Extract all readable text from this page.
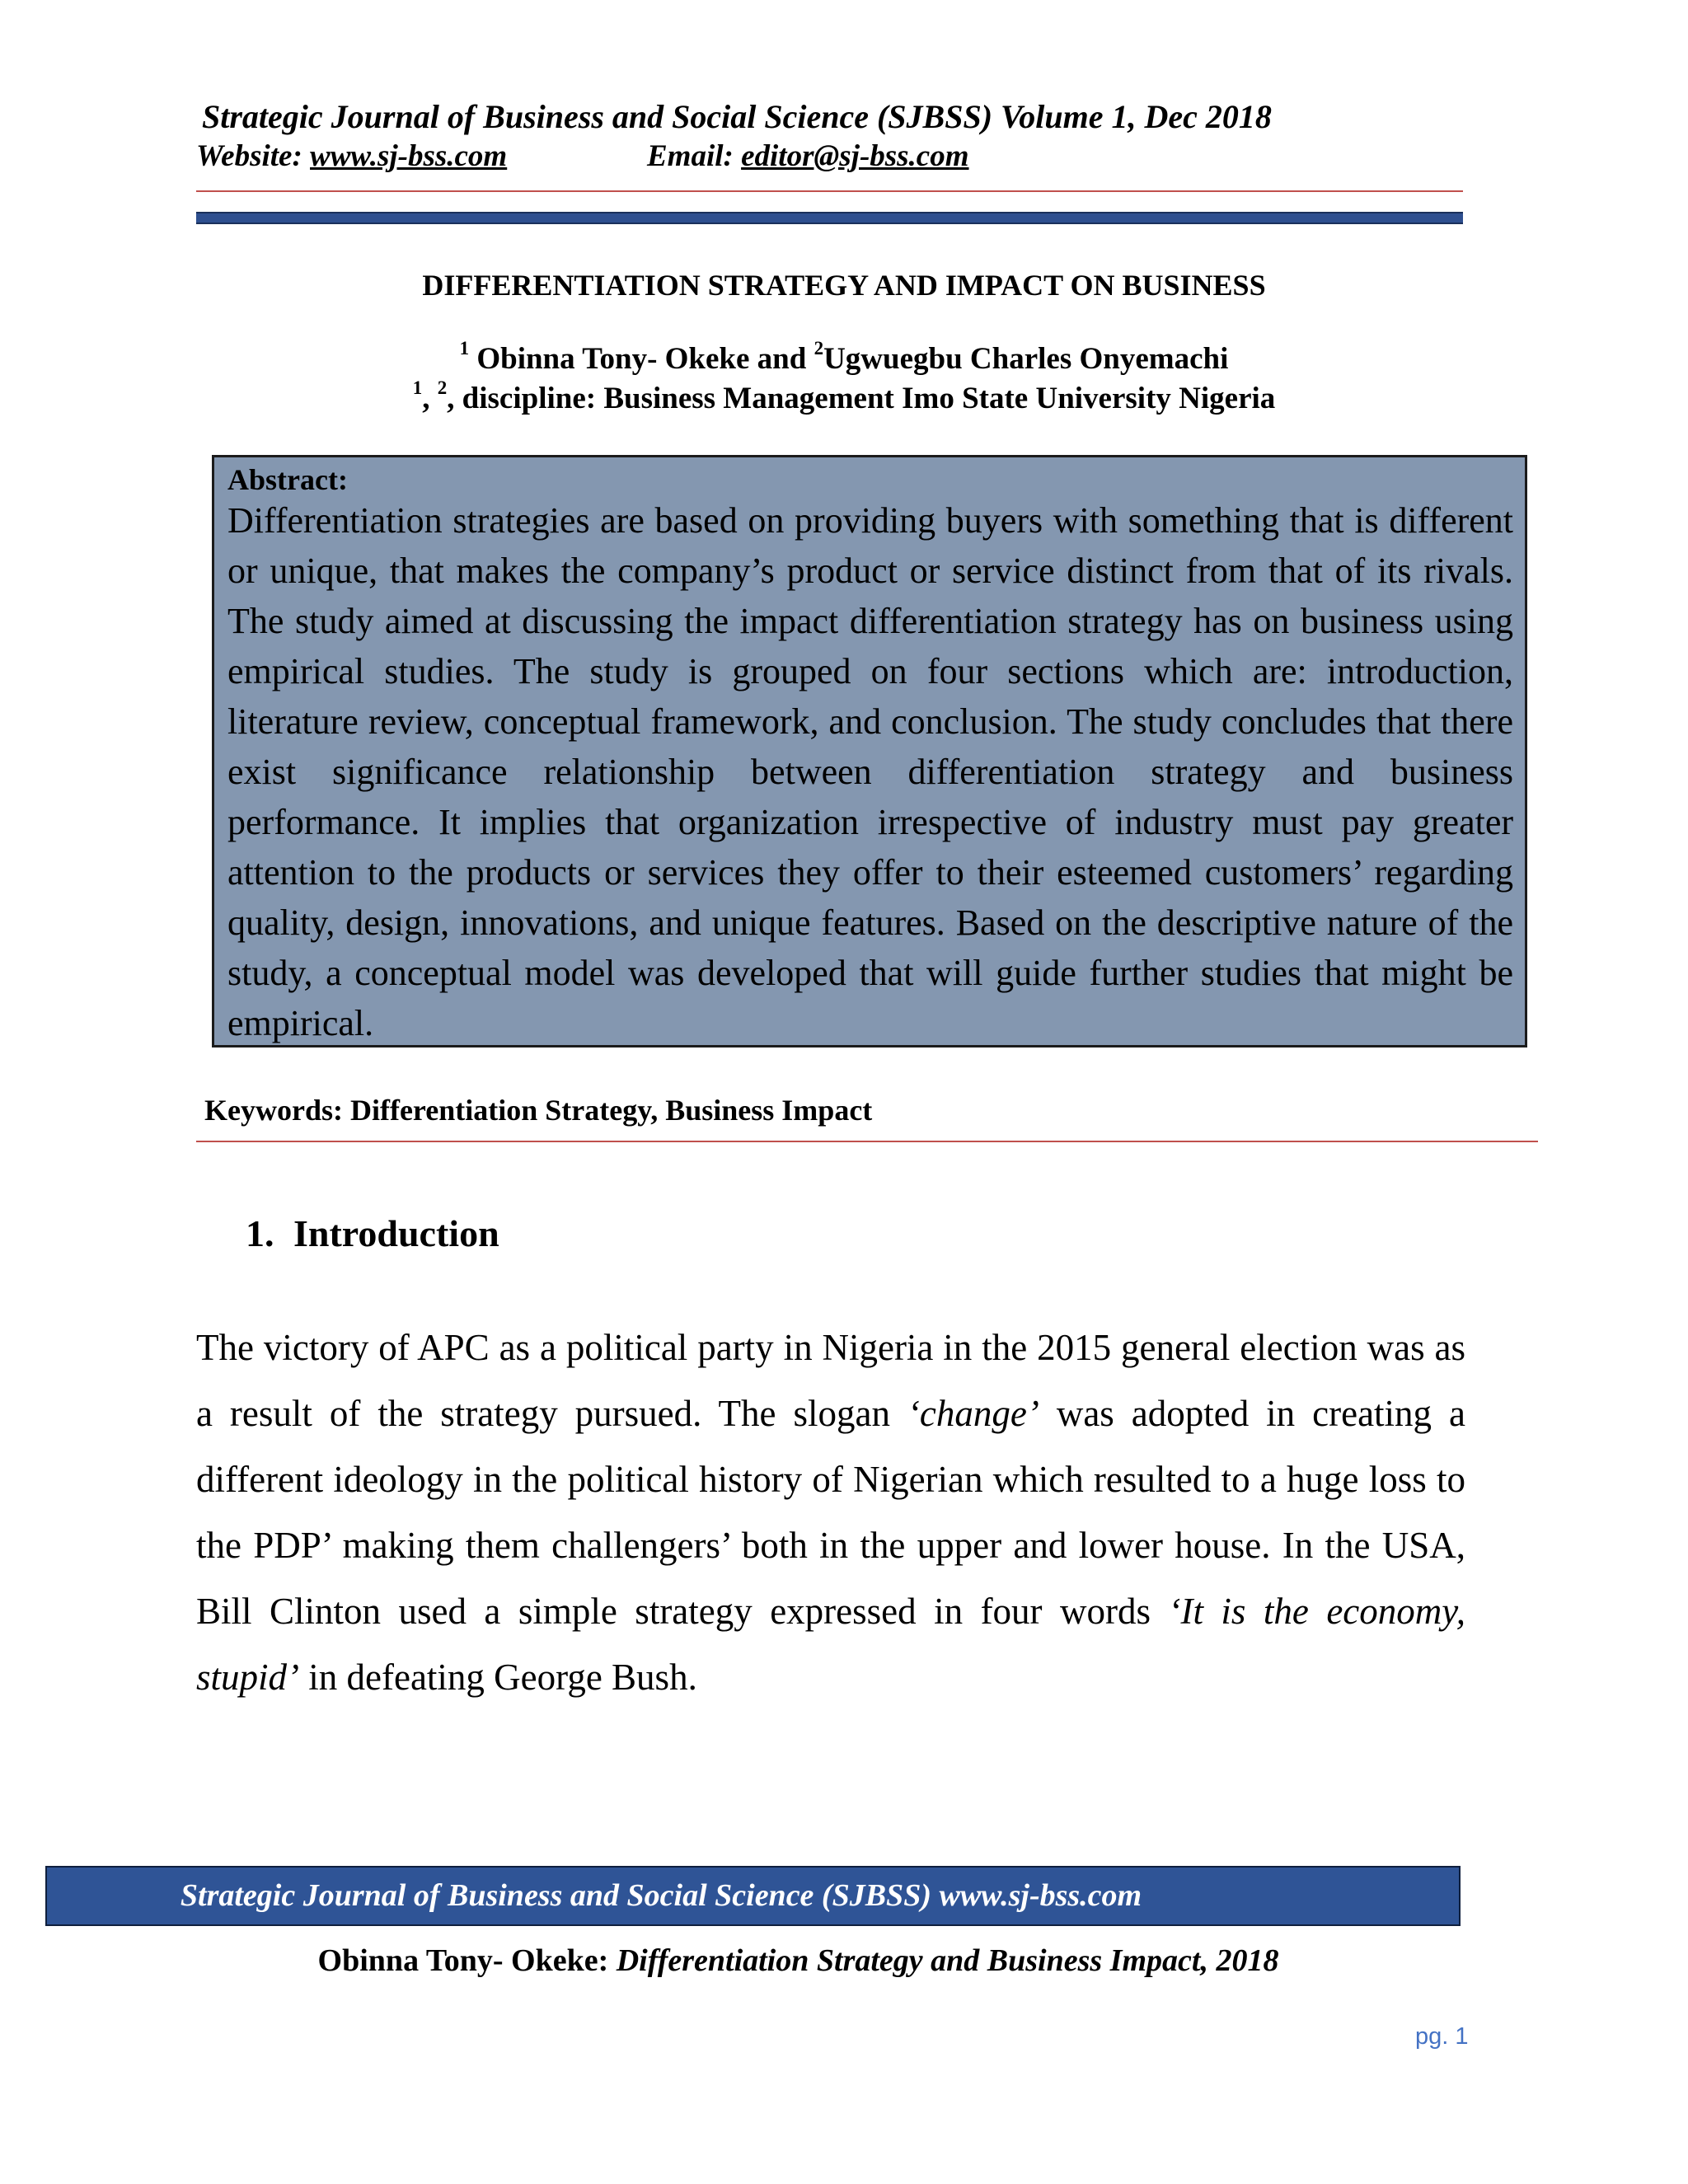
Strategic Journal of Business and Social Science (SJBSS) Volume 1, Dec 2018
Website: www.sj-bss.com	Email: editor@sj-bss.com
DIFFERENTIATION STRATEGY AND IMPACT ON BUSINESS
$^1$ Obinna Tony- Okeke and $^2$Ugwuegbu Charles Onyemachi
$^1$, $^2$, discipline: Business Management Imo State University Nigeria
Abstract:

Differentiation strategies are based on providing buyers with something that is different or unique, that makes the company’s product or service distinct from that of its rivals. The study aimed at discussing the impact differentiation strategy has on business using empirical studies. The study is grouped on four sections which are: introduction, literature review, conceptual framework, and conclusion. The study concludes that there exist significance relationship between differentiation strategy and business performance. It implies that organization irrespective of industry must pay greater attention to the products or services they offer to their esteemed customers’ regarding quality, design, innovations, and unique features. Based on the descriptive nature of the study, a conceptual model was developed that will guide further studies that might be empirical.

Keywords: Differentiation Strategy, Business Impact
1. Introduction

The victory of APC as a political party in Nigeria in the 2015 general election was as a result of the strategy pursued. The slogan ‘change’ was adopted in creating a different ideology in the political history of Nigerian which resulted to a huge loss to the PDP’ making them challengers’ both in the upper and lower house. In the USA, Bill Clinton used a simple strategy expressed in four words ‘It is the economy, stupid’ in defeating George Bush.

Strategic Journal of Business and Social Science (SJBSS) www.sj-bss.com
Obinna Tony- Okeke: Differentiation Strategy and Business Impact, 2018
pg. 1
